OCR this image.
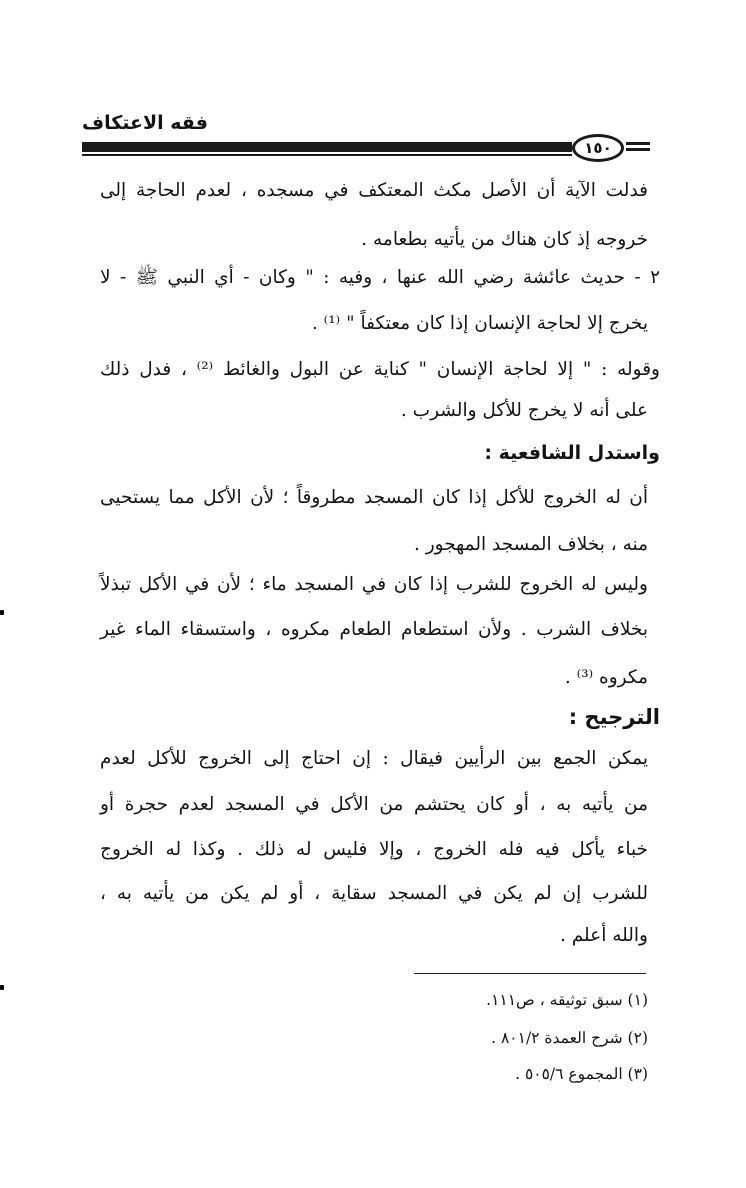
فقه الاعتكاف
١٥٠
فدلت الآية أن الأصل مكث المعتكف في مسجده ، لعدم الحاجة إلى
خروجه إذ كان هناك من يأتيه بطعامه .
٢ - حديث عائشة رضي الله عنها ، وفيه : " وكان - أي النبي ﷺ - لا
يخرج إلا لحاجة الإنسان إذا كان معتكفاً " ⁽¹⁾ .
وقوله : " إلا لحاجة الإنسان " كناية عن البول والغائط ⁽²⁾ ، فدل ذلك
على أنه لا يخرج للأكل والشرب .
واستدل الشافعية :
أن له الخروج للأكل إذا كان المسجد مطروقاً ؛ لأن الأكل مما يستحيى
منه ، بخلاف المسجد المهجور .
وليس له الخروج للشرب إذا كان في المسجد ماء ؛ لأن في الأكل تبذلاً
بخلاف الشرب . ولأن استطعام الطعام مكروه ، واستسقاء الماء غير
مكروه ⁽³⁾ .
الترجيح :
يمكن الجمع بين الرأيين فيقال : إن احتاج إلى الخروج للأكل لعدم
من يأتيه به ، أو كان يحتشم من الأكل في المسجد لعدم حجرة أو
خباء يأكل فيه فله الخروج ، وإلا فليس له ذلك . وكذا له الخروج
للشرب إن لم يكن في المسجد سقاية ، أو لم يكن من يأتيه به ،
والله أعلم .
(١) سبق توثيقه ، ص١١١.
(٢) شرح العمدة ٨٠١/٢ .
(٣) المجموع ٥٠٥/٦ .
